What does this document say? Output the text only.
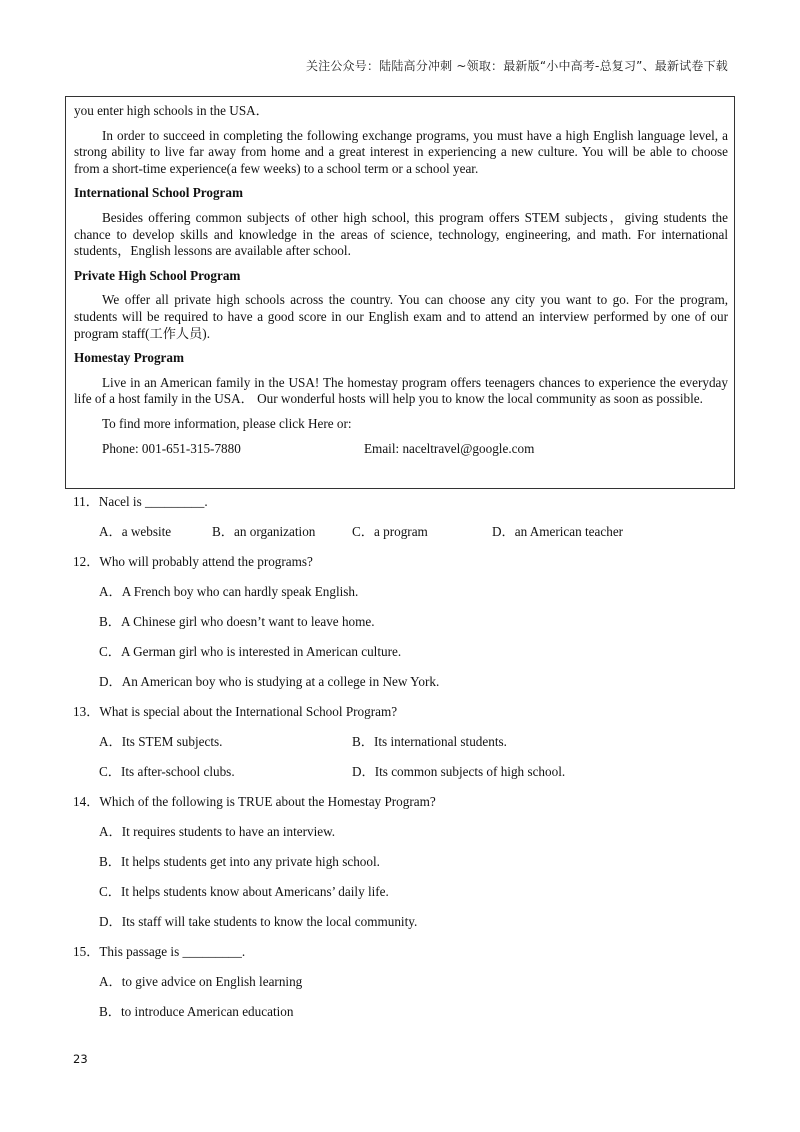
关注公众号：陆陆高分冲刺 ~领取：最新版“小中高考-总复习”、最新试卷下载

you enter high schools in the USA．

In order to succeed in completing the following exchange programs, you must have a high English language level, a strong ability to live far away from home and a great interest in experiencing a new culture. You will be able to choose from a short-time experience(a few weeks) to a school term or a school year.

International School Program

Besides offering common subjects of other high school, this program offers STEM subjects，giving students the chance to develop skills and knowledge in the areas of science, technology, engineering, and math. For international students，English lessons are available after school.

Private High School Program

We offer all private high schools across the country. You can choose any city you want to go. For the program, students will be required to have a good score in our English exam and to attend an interview performed by one of our program staff(工作人员).

Homestay Program

Live in an American family in the USA! The homestay program offers teenagers chances to experience the everyday life of a host family in the USA． Our wonderful hosts will help you to know the local community as soon as possible.

To find more information, please click Here or:

Phone: 001-651-315-7880	Email: naceltravel@google.com
11．Nacel is _________.
A．a website	B．an organization	C．a program	D．an American teacher
12．Who will probably attend the programs?
A．A French boy who can hardly speak English.
B．A Chinese girl who doesn’t want to leave home.
C．A German girl who is interested in American culture.
D．An American boy who is studying at a college in New York.
13．What is special about the International School Program?
A．Its STEM subjects.	B．Its international students.
C．Its after-school clubs.	D．Its common subjects of high school.
14．Which of the following is TRUE about the Homestay Program?
A．It requires students to have an interview.
B．It helps students get into any private high school.
C．It helps students know about Americans’ daily life.
D．Its staff will take students to know the local community.
15．This passage is _________.
A．to give advice on English learning
B．to introduce American education
23
